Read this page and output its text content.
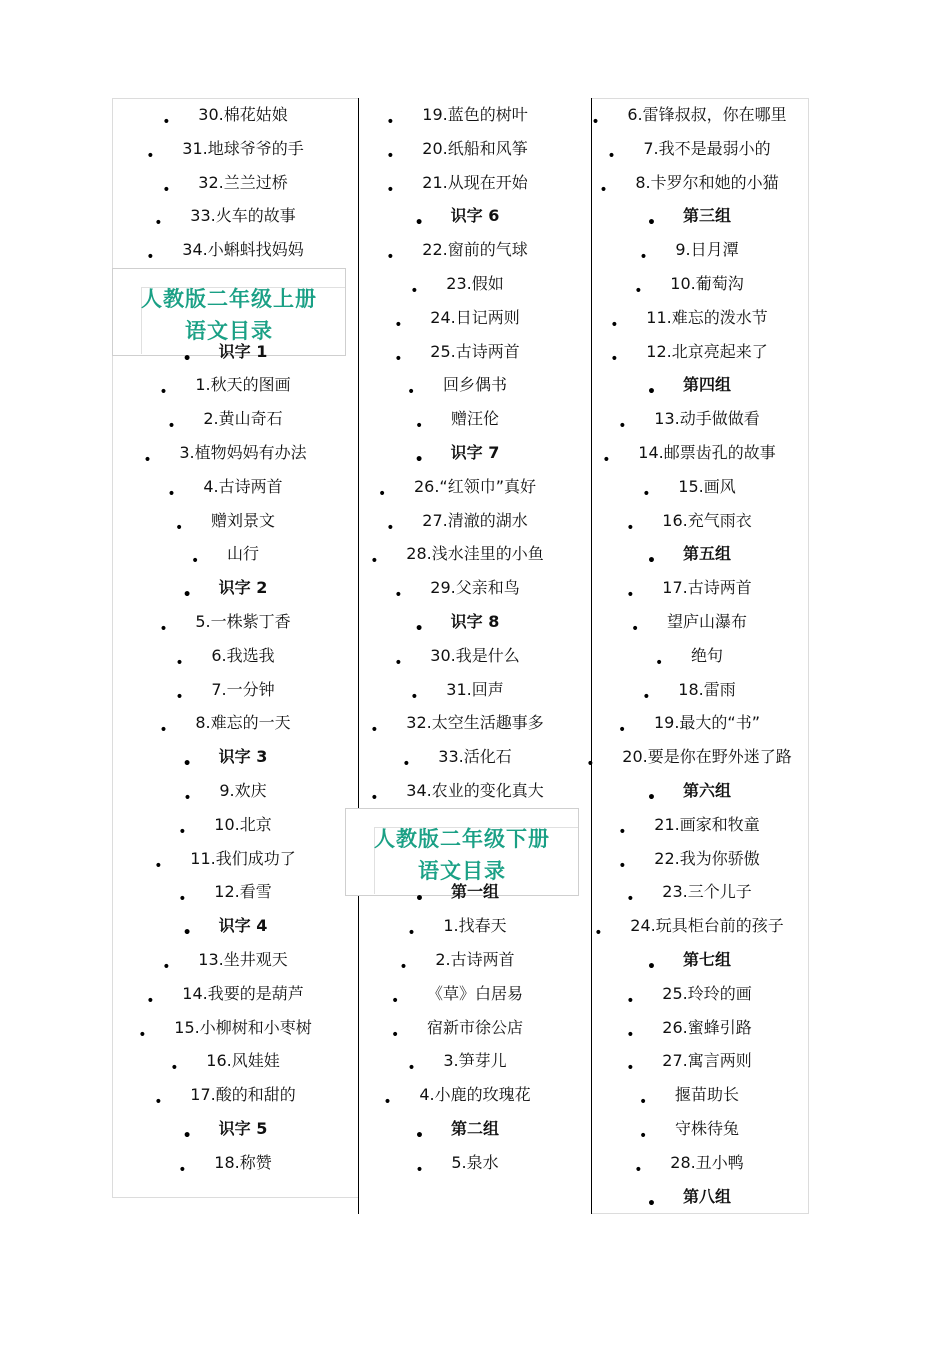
人教版二年级上册
语文目录
人教版二年级下册
语文目录
• 30.棉花姑娘
• 31.地球爷爷的手
• 32.兰兰过桥
• 33.火车的故事
• 34.小蝌蚪找妈妈
• 识字 1
• 1.秋天的图画
• 2.黄山奇石
• 3.植物妈妈有办法
• 4.古诗两首
• 赠刘景文
• 山行
• 识字 2
• 5.一株紫丁香
• 6.我选我
• 7.一分钟
• 8.难忘的一天
• 识字 3
• 9.欢庆
• 10.北京
• 11.我们成功了
• 12.看雪
• 识字 4
• 13.坐井观天
• 14.我要的是葫芦
• 15.小柳树和小枣树
• 16.风娃娃
• 17.酸的和甜的
• 识字 5
• 18.称赞
• 19.蓝色的树叶
• 20.纸船和风筝
• 21.从现在开始
• 识字 6
• 22.窗前的气球
• 23.假如
• 24.日记两则
• 25.古诗两首
• 回乡偶书
• 赠汪伦
• 识字 7
• 26.“红领巾”真好
• 27.清澈的湖水
• 28.浅水洼里的小鱼
• 29.父亲和鸟
• 识字 8
• 30.我是什么
• 31.回声
• 32.太空生活趣事多
• 33.活化石
• 34.农业的变化真大
• 第一组
• 1.找春天
• 2.古诗两首
• 《草》白居易
• 宿新市徐公店
• 3.笋芽儿
• 4.小鹿的玫瑰花
• 第二组
• 5.泉水
• 6.雷锋叔叔，你在哪里
• 7.我不是最弱小的
• 8.卡罗尔和她的小猫
• 第三组
• 9.日月潭
• 10.葡萄沟
• 11.难忘的泼水节
• 12.北京亮起来了
• 第四组
• 13.动手做做看
• 14.邮票齿孔的故事
• 15.画风
• 16.充气雨衣
• 第五组
• 17.古诗两首
• 望庐山瀑布
• 绝句
• 18.雷雨
• 19.最大的“书”
• 20.要是你在野外迷了路
• 第六组
• 21.画家和牧童
• 22.我为你骄傲
• 23.三个儿子
• 24.玩具柜台前的孩子
• 第七组
• 25.玲玲的画
• 26.蜜蜂引路
• 27.寓言两则
• 揠苗助长
• 守株待兔
• 28.丑小鸭
• 第八组
